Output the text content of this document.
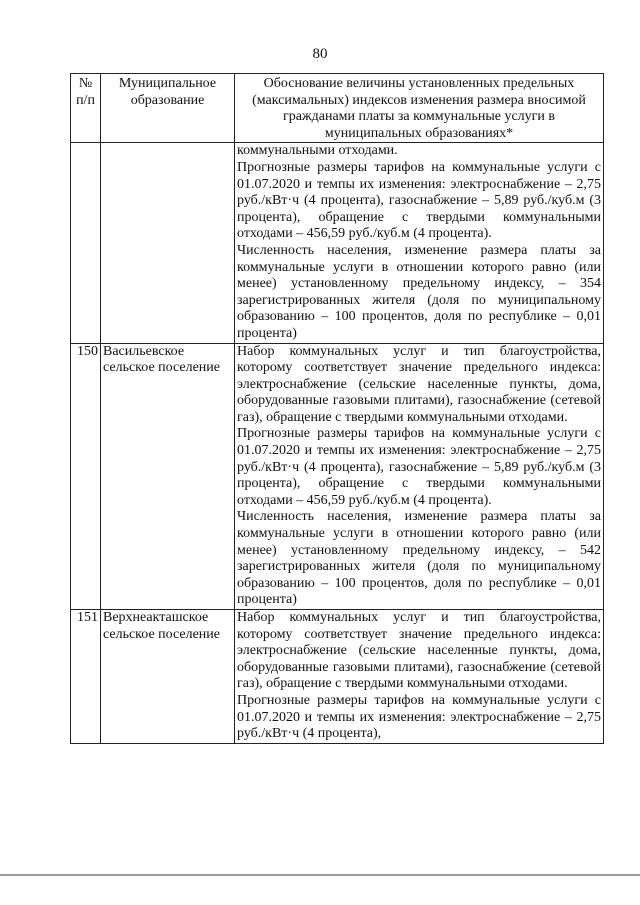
80
№ п/п	Муниципальное образование	Обоснование величины установленных предельных (максимальных) индексов изменения размера вносимой гражданами платы за коммунальные услуги в муниципальных образованиях*

		коммунальными отходами.

Прогнозные размеры тарифов на коммунальные услуги с 01.07.2020 и темпы их изменения: электроснабжение – 2,75 руб./кВт·ч (4 процента), газоснабжение – 5,89 руб./куб.м (3 процента), обращение с твердыми коммунальными отходами – 456,59 руб./куб.м (4 процента).

Численность населения, изменение размера платы за коммунальные услуги в отношении которого равно (или менее) установленному предельному индексу, – 354 зарегистрированных жителя (доля по муниципальному образованию – 100 процентов, доля по республике – 0,01 процента)

150	Васильевское сельское поселение	Набор коммунальных услуг и тип благоустройства, которому соответствует значение предельного индекса: электроснабжение (сельские населенные пункты, дома, оборудованные газовыми плитами), газоснабжение (сетевой газ), обращение с твердыми коммунальными отходами.

Прогнозные размеры тарифов на коммунальные услуги с 01.07.2020 и темпы их изменения: электроснабжение – 2,75 руб./кВт·ч (4 процента), газоснабжение – 5,89 руб./куб.м (3 процента), обращение с твердыми коммунальными отходами – 456,59 руб./куб.м (4 процента).

Численность населения, изменение размера платы за коммунальные услуги в отношении которого равно (или менее) установленному предельному индексу, – 542 зарегистрированных жителя (доля по муниципальному образованию – 100 процентов, доля по республике – 0,01 процента)

151	Верхнеакташское сельское поселение	Набор коммунальных услуг и тип благоустройства, которому соответствует значение предельного индекса: электроснабжение (сельские населенные пункты, дома, оборудованные газовыми плитами), газоснабжение (сетевой газ), обращение с твердыми коммунальными отходами.

Прогнозные размеры тарифов на коммунальные услуги с 01.07.2020 и темпы их изменения: электроснабжение – 2,75 руб./кВт·ч (4 процента),
